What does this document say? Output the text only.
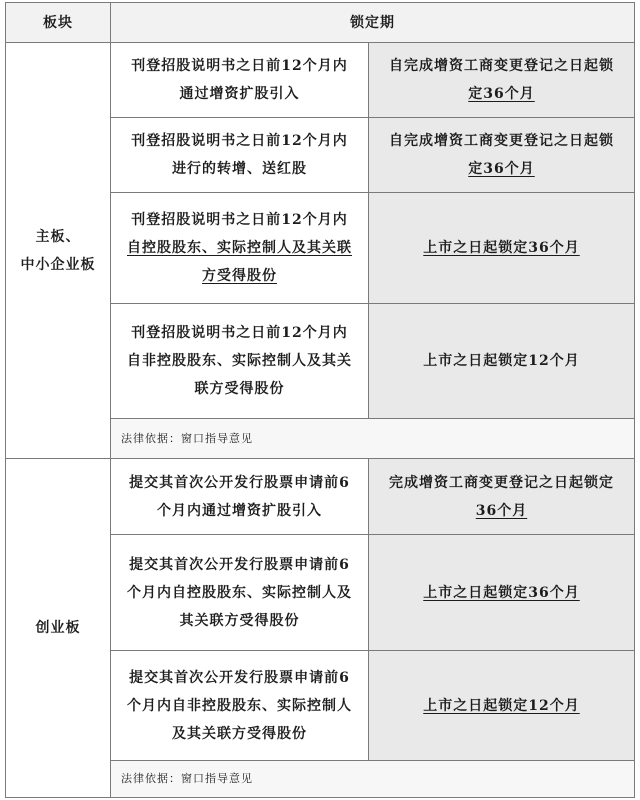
板块	锁定期
主板、
中小企业板
刊登招股说明书之日前12个月内
通过增资扩股引入
自完成增资工商变更登记之日起锁
定36个月
刊登招股说明书之日前12个月内
进行的转增、送红股
自完成增资工商变更登记之日起锁
定36个月
刊登招股说明书之日前12个月内
自控股股东、实际控制人及其关联
方受得股份
上市之日起锁定36个月
刊登招股说明书之日前12个月内
自非控股股东、实际控制人及其关
联方受得股份
上市之日起锁定12个月
法律依据：窗口指导意见
创业板
提交其首次公开发行股票申请前6
个月内通过增资扩股引入
完成增资工商变更登记之日起锁定
36个月
提交其首次公开发行股票申请前6
个月内自控股股东、实际控制人及
其关联方受得股份
上市之日起锁定36个月
提交其首次公开发行股票申请前6
个月内自非控股股东、实际控制人
及其关联方受得股份
上市之日起锁定12个月
法律依据：窗口指导意见
